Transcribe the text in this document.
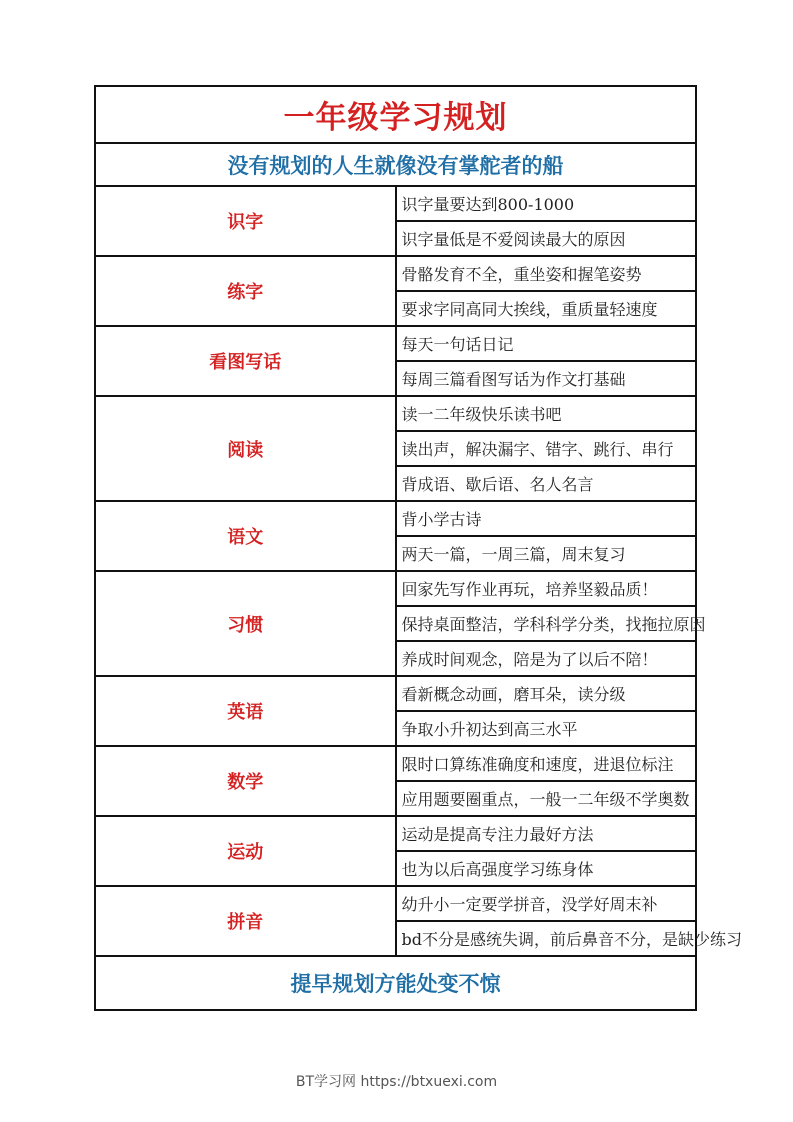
一年级学习规划	
没有规划的人生就像没有掌舵者的船	
识字	识字量要达到800-1000
	识字量低是不爱阅读最大的原因
练字	骨骼发育不全，重坐姿和握笔姿势
	要求字同高同大挨线，重质量轻速度
看图写话	每天一句话日记
	每周三篇看图写话为作文打基础
阅读	读一二年级快乐读书吧
	读出声，解决漏字、错字、跳行、串行
	背成语、歇后语、名人名言
语文	背小学古诗
	两天一篇，一周三篇，周末复习
习惯	回家先写作业再玩，培养坚毅品质！
	保持桌面整洁，学科科学分类，找拖拉原因
	养成时间观念，陪是为了以后不陪！
英语	看新概念动画，磨耳朵，读分级
	争取小升初达到高三水平
数学	限时口算练准确度和速度，进退位标注
	应用题要圈重点，一般一二年级不学奥数
运动	运动是提高专注力最好方法
	也为以后高强度学习练身体
拼音	幼升小一定要学拼音，没学好周末补
	bd不分是感统失调，前后鼻音不分，是缺少练习
提早规划方能处变不惊	
BT学习网 https://btxuexi.com
